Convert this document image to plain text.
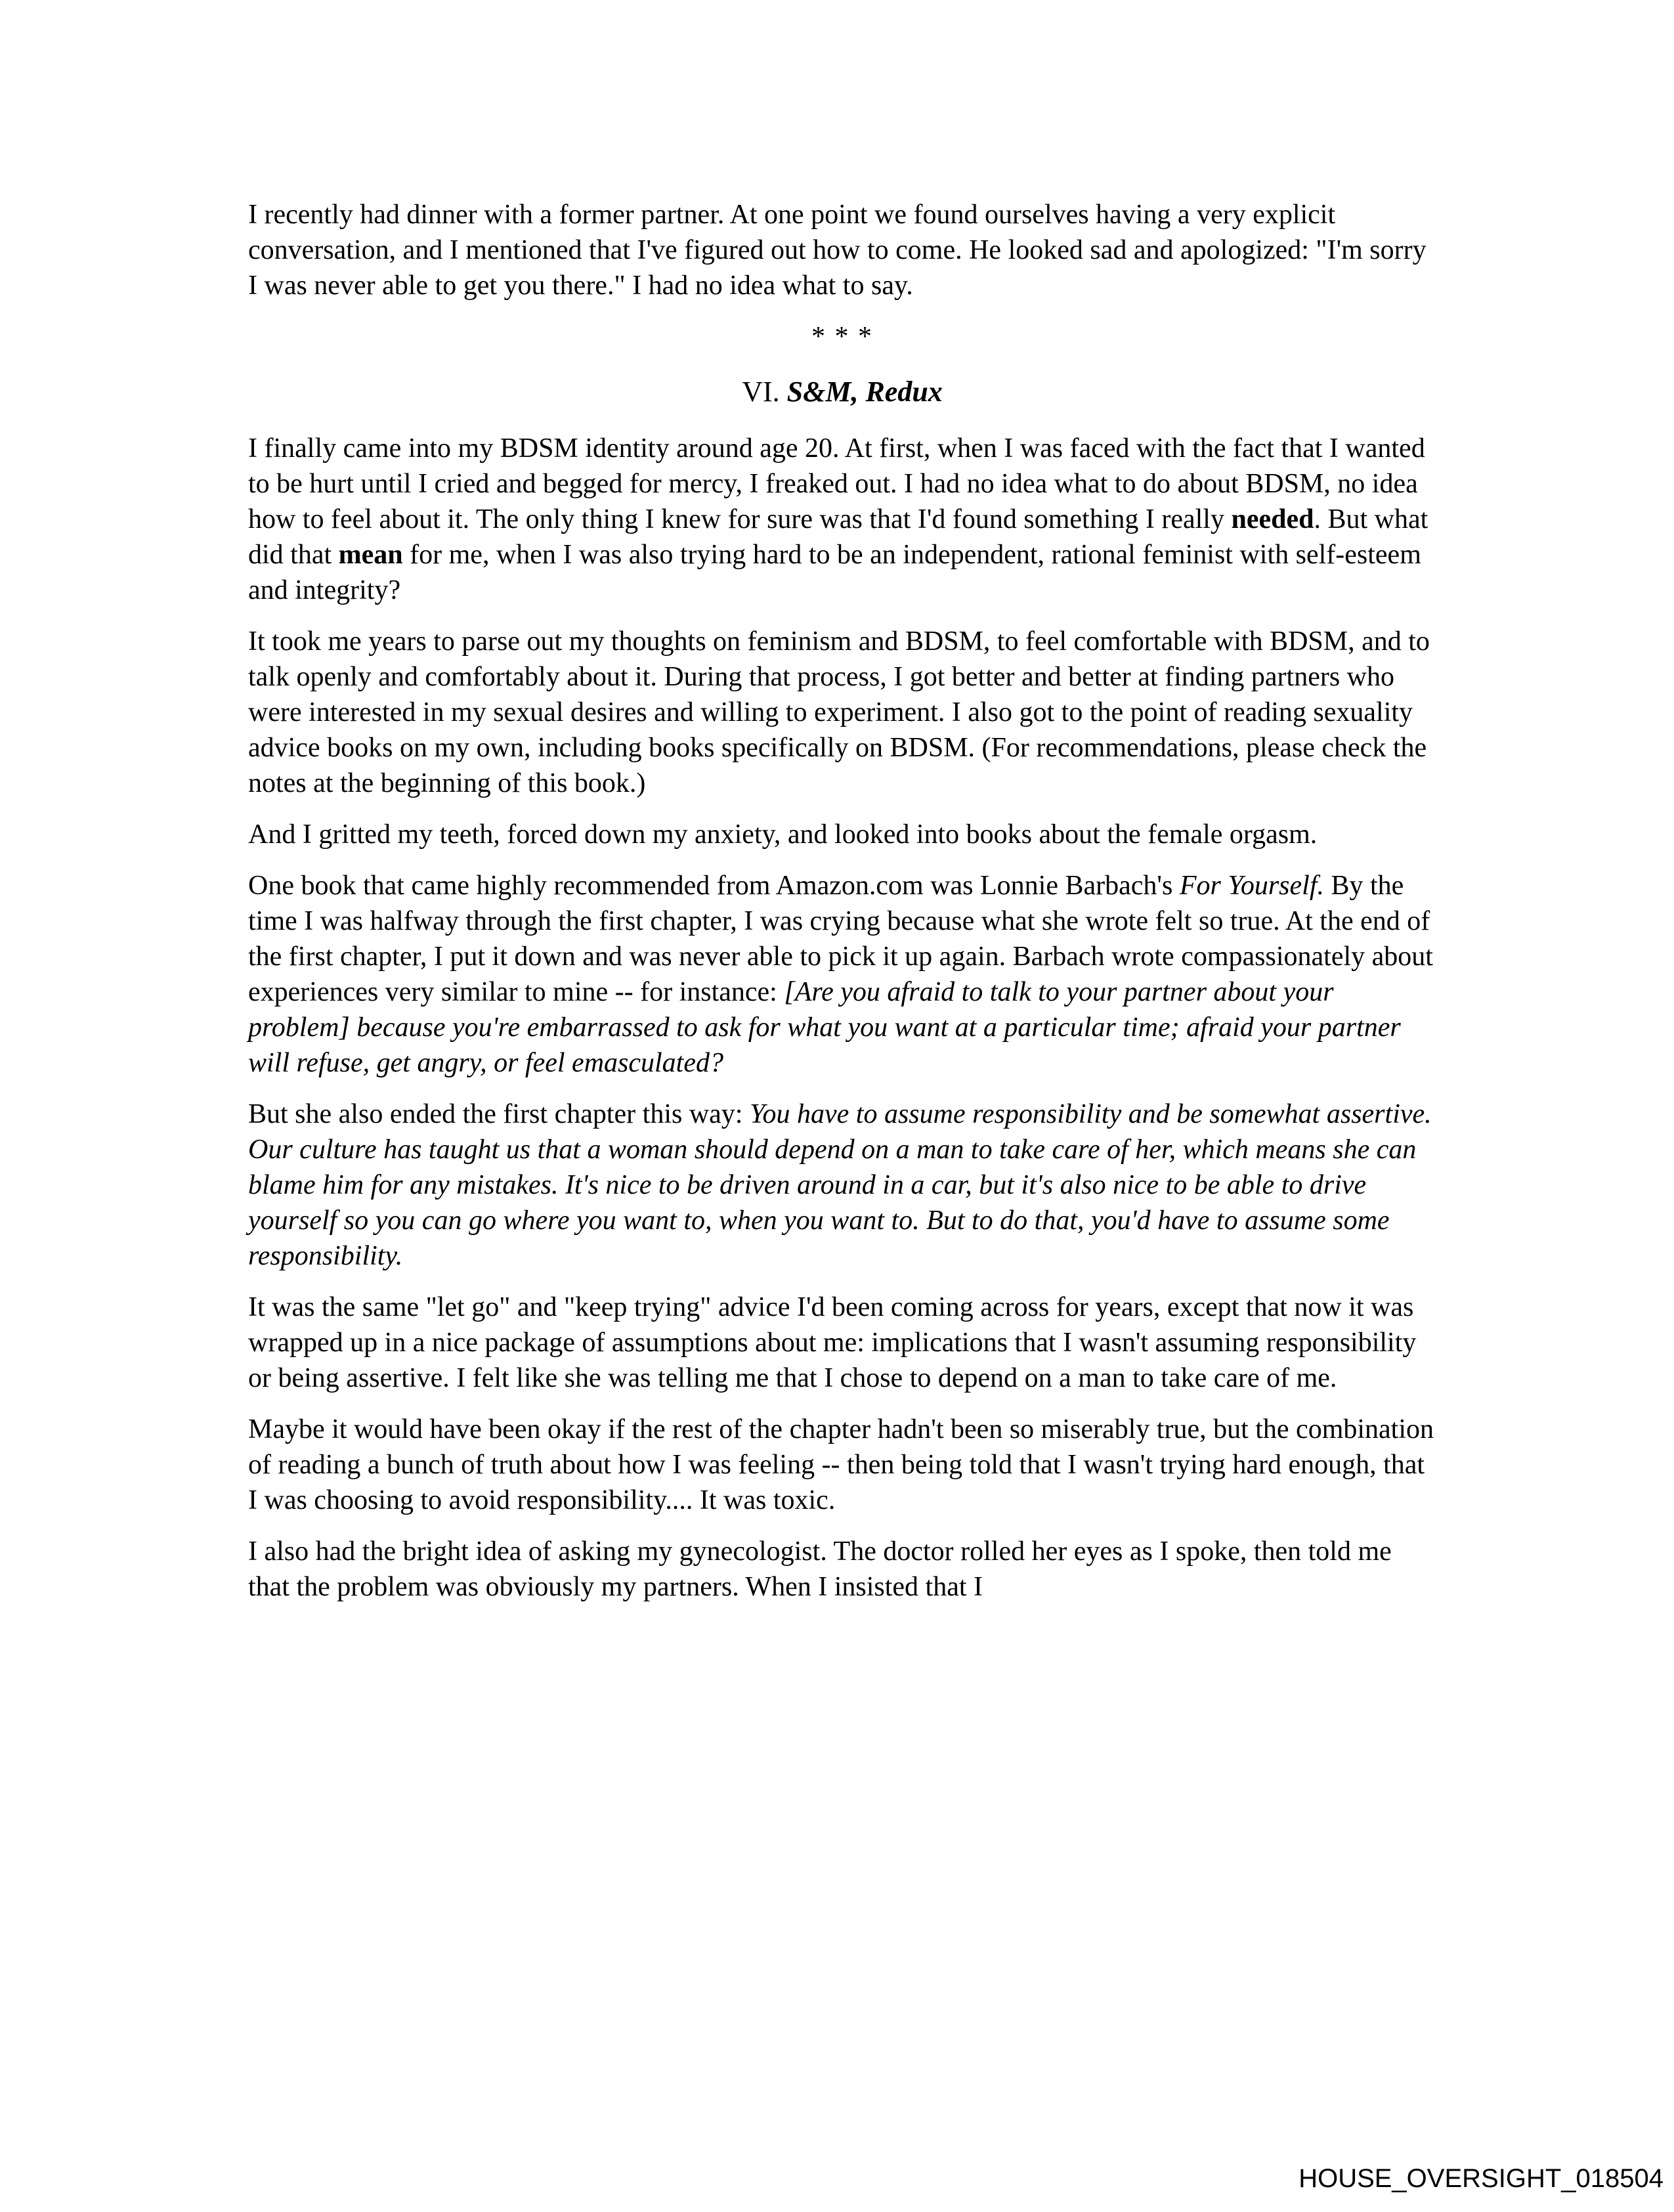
I recently had dinner with a former partner. At one point we found ourselves having a very explicit conversation, and I mentioned that I've figured out how to come. He looked sad and apologized: "I'm sorry I was never able to get you there." I had no idea what to say.

* * *

VI. S&M, Redux

I finally came into my BDSM identity around age 20. At first, when I was faced with the fact that I wanted to be hurt until I cried and begged for mercy, I freaked out. I had no idea what to do about BDSM, no idea how to feel about it. The only thing I knew for sure was that I'd found something I really needed. But what did that mean for me, when I was also trying hard to be an independent, rational feminist with self-esteem and integrity?

It took me years to parse out my thoughts on feminism and BDSM, to feel comfortable with BDSM, and to talk openly and comfortably about it. During that process, I got better and better at finding partners who were interested in my sexual desires and willing to experiment. I also got to the point of reading sexuality advice books on my own, including books specifically on BDSM. (For recommendations, please check the notes at the beginning of this book.)

And I gritted my teeth, forced down my anxiety, and looked into books about the female orgasm.

One book that came highly recommended from Amazon.com was Lonnie Barbach's For Yourself. By the time I was halfway through the first chapter, I was crying because what she wrote felt so true. At the end of the first chapter, I put it down and was never able to pick it up again. Barbach wrote compassionately about experiences very similar to mine -- for instance: [Are you afraid to talk to your partner about your problem] because you're embarrassed to ask for what you want at a particular time; afraid your partner will refuse, get angry, or feel emasculated?

But she also ended the first chapter this way: You have to assume responsibility and be somewhat assertive. Our culture has taught us that a woman should depend on a man to take care of her, which means she can blame him for any mistakes. It's nice to be driven around in a car, but it's also nice to be able to drive yourself so you can go where you want to, when you want to. But to do that, you'd have to assume some responsibility.

It was the same "let go" and "keep trying" advice I'd been coming across for years, except that now it was wrapped up in a nice package of assumptions about me: implications that I wasn't assuming responsibility or being assertive. I felt like she was telling me that I chose to depend on a man to take care of me.

Maybe it would have been okay if the rest of the chapter hadn't been so miserably true, but the combination of reading a bunch of truth about how I was feeling -- then being told that I wasn't trying hard enough, that I was choosing to avoid responsibility.... It was toxic.

I also had the bright idea of asking my gynecologist. The doctor rolled her eyes as I spoke, then told me that the problem was obviously my partners. When I insisted that I

HOUSE_OVERSIGHT_018504
